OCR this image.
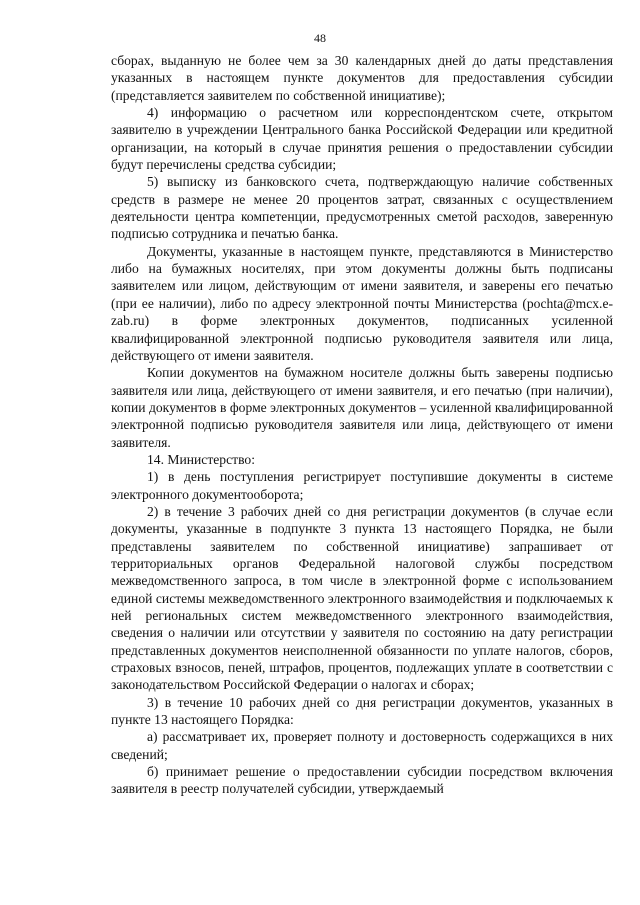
48

сборах, выданную не более чем за 30 календарных дней до даты представления указанных в настоящем пункте документов для предоставления субсидии (представляется заявителем по собственной инициативе);

4) информацию о расчетном или корреспондентском счете, открытом заявителю в учреждении Центрального банка Российской Федерации или кредитной организации, на который в случае принятия решения о предоставлении субсидии будут перечислены средства субсидии;

5) выписку из банковского счета, подтверждающую наличие собственных средств в размере не менее 20 процентов затрат, связанных с осуществлением деятельности центра компетенции, предусмотренных сметой расходов, заверенную подписью сотрудника и печатью банка.

Документы, указанные в настоящем пункте, представляются в Министерство либо на бумажных носителях, при этом документы должны быть подписаны заявителем или лицом, действующим от имени заявителя, и заверены его печатью (при ее наличии), либо по адресу электронной почты Министерства (pochta@mcx.e-zab.ru) в форме электронных документов, подписанных усиленной квалифицированной электронной подписью руководителя заявителя или лица, действующего от имени заявителя.

Копии документов на бумажном носителе должны быть заверены подписью заявителя или лица, действующего от имени заявителя, и его печатью (при наличии), копии документов в форме электронных документов – усиленной квалифицированной электронной подписью руководителя заявителя или лица, действующего от имени заявителя.

14. Министерство:

1) в день поступления регистрирует поступившие документы в системе электронного документооборота;

2) в течение 3 рабочих дней со дня регистрации документов (в случае если документы, указанные в подпункте 3 пункта 13 настоящего Порядка, не были представлены заявителем по собственной инициативе) запрашивает от территориальных органов Федеральной налоговой службы посредством межведомственного запроса, в том числе в электронной форме с использованием единой системы межведомственного электронного взаимодействия и подключаемых к ней региональных систем межведомственного электронного взаимодействия, сведения о наличии или отсутствии у заявителя по состоянию на дату регистрации представленных документов неисполненной обязанности по уплате налогов, сборов, страховых взносов, пеней, штрафов, процентов, подлежащих уплате в соответствии с законодательством Российской Федерации о налогах и сборах;

3) в течение 10 рабочих дней со дня регистрации документов, указанных в пункте 13 настоящего Порядка:

а) рассматривает их, проверяет полноту и достоверность содержащихся в них сведений;

б) принимает решение о предоставлении субсидии посредством включения заявителя в реестр получателей субсидии, утверждаемый
